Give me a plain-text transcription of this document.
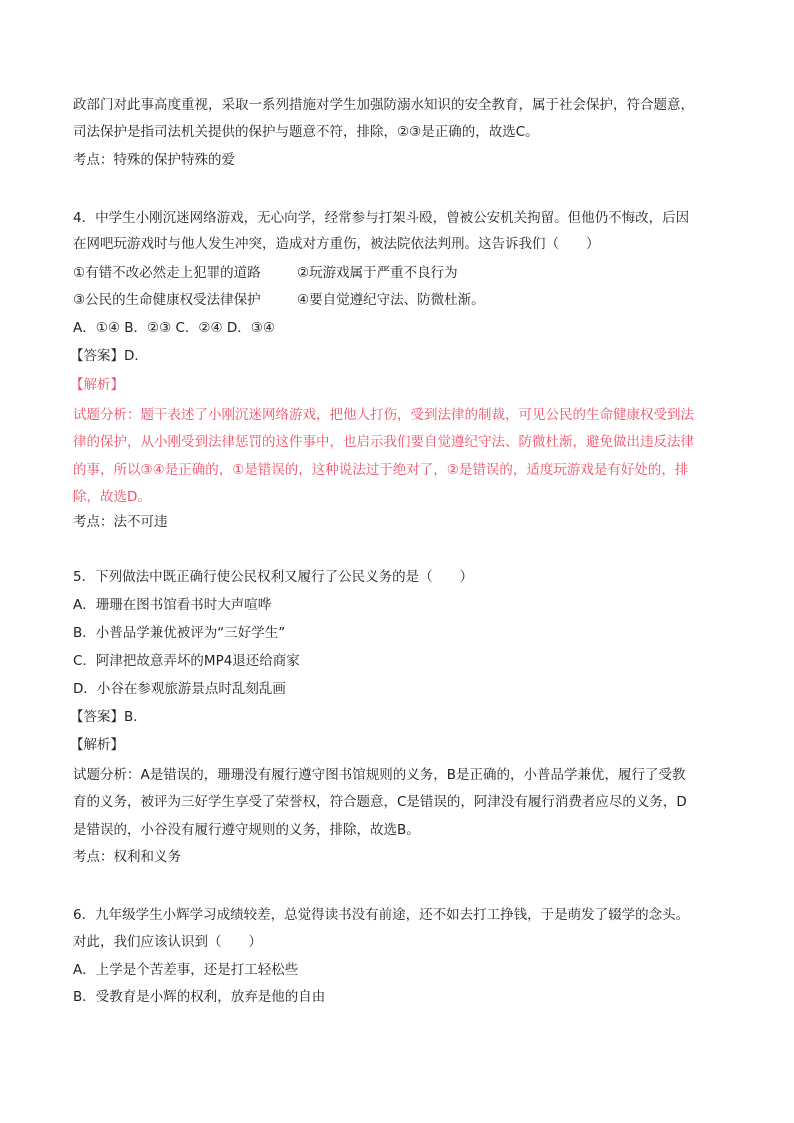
政部门对此事高度重视，采取一系列措施对学生加强防溺水知识的安全教育，属于社会保护，符合题意，
司法保护是指司法机关提供的保护与题意不符，排除，②③是正确的，故选C。
考点：特殊的保护特殊的爱
4．中学生小刚沉迷网络游戏，无心向学，经常参与打架斗殴，曾被公安机关拘留。但他仍不悔改，后因
在网吧玩游戏时与他人发生冲突，造成对方重伤，被法院依法判刑。这告诉我们（　　）
①有错不改必然走上犯罪的道路	②玩游戏属于严重不良行为
③公民的生命健康权受法律保护	④要自觉遵纪守法、防微杜渐。
A．①④ B．②③ C．②④ D．③④
【答案】D．
【解析】
试题分析：题干表述了小刚沉迷网络游戏，把他人打伤，受到法律的制裁，可见公民的生命健康权受到法
律的保护，从小刚受到法律惩罚的这件事中，也启示我们要自觉遵纪守法、防微杜渐，避免做出违反法律
的事，所以③④是正确的，①是错误的，这种说法过于绝对了，②是错误的，适度玩游戏是有好处的，排
除，故选D。
考点：法不可违
5．下列做法中既正确行使公民权利又履行了公民义务的是（　　）
A．珊珊在图书馆看书时大声喧哗
B．小普品学兼优被评为“三好学生”
C．阿津把故意弄坏的MP4退还给商家
D．小谷在参观旅游景点时乱刻乱画
【答案】B．
【解析】
试题分析：A是错误的，珊珊没有履行遵守图书馆规则的义务，B是正确的，小普品学兼优，履行了受教
育的义务，被评为三好学生享受了荣誉权，符合题意，C是错误的，阿津没有履行消费者应尽的义务，D
是错误的，小谷没有履行遵守规则的义务，排除，故选B。
考点：权利和义务
6．九年级学生小辉学习成绩较差，总觉得读书没有前途，还不如去打工挣钱，于是萌发了辍学的念头。
对此，我们应该认识到（　　）
A．上学是个苦差事，还是打工轻松些
B．受教育是小辉的权利，放弃是他的自由
